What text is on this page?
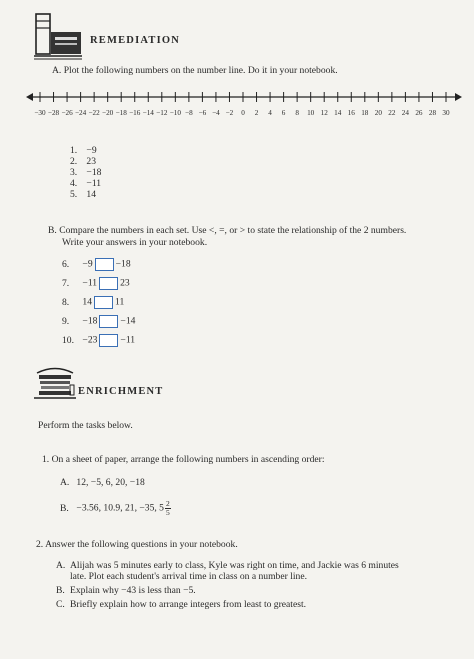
REMEDIATION
A. Plot the following numbers on the number line. Do it in your notebook.
−30 −28 −26 −24 −22 −20 −18 −16 −14 −12 −10 −8 −6 −4 −2 0 2 4 6 8 10 12 14 16 18 20 22 24 26 28 30
1. −9
2. 23
3. −18
4. −11
5. 14
B. Compare the numbers in each set. Use <, =, or > to state the relationship of the 2 numbers.
Write your answers in your notebook.
6. −9 −18
7. −11 23
8. 14 11
9. −18 −14
10. −23 −11
ENRICHMENT
Perform the tasks below.
1. On a sheet of paper, arrange the following numbers in ascending order:
A. 12, −5, 6, 20, −18
B. −3.56, 10.9, 21, −35, $5 \frac{2}{5}$
2. Answer the following questions in your notebook.
A. Alijah was 5 minutes early to class, Kyle was right on time, and Jackie was 6 minutes
late. Plot each student's arrival time in class on a number line.
B. Explain why −43 is less than −5.
C. Briefly explain how to arrange integers from least to greatest.
